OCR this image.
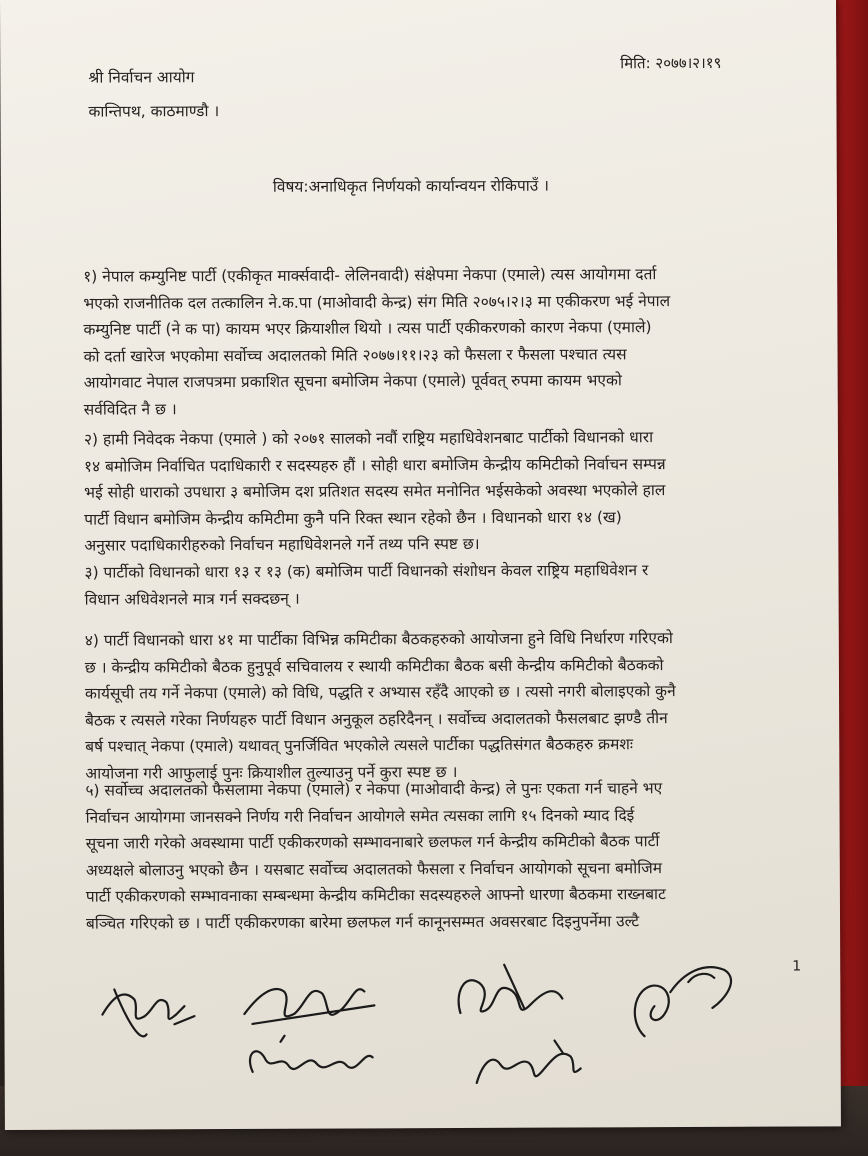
मिति: २०७७।२।१९
श्री निर्वाचन आयोग
कान्तिपथ, काठमाण्डौ ।
विषय:अनाधिकृत निर्णयको कार्यान्वयन रोकिपाउँ ।
१) नेपाल कम्युनिष्ट पार्टी (एकीकृत मार्क्सवादी- लेलिनवादी) संक्षेपमा नेकपा (एमाले) त्यस आयोगमा दर्ता
भएको राजनीतिक दल तत्कालिन ने.क.पा (माओवादी केन्द्र) संग मिति २०७५।२।३ मा एकीकरण भई नेपाल
कम्युनिष्ट पार्टी (ने क पा) कायम भएर क्रियाशील थियो । त्यस पार्टी एकीकरणको कारण नेकपा (एमाले)
को दर्ता खारेज भएकोमा सर्वोच्च अदालतको मिति २०७७।११।२३ को फैसला र फैसला पश्चात त्यस
आयोगवाट नेपाल राजपत्रमा प्रकाशित सूचना बमोजिम नेकपा (एमाले) पूर्ववत् रुपमा कायम भएको
सर्वविदित नै छ ।
२) हामी निवेदक नेकपा (एमाले ) को २०७१ सालको नवौं राष्ट्रिय महाधिवेशनबाट पार्टीको विधानको धारा
१४ बमोजिम निर्वाचित पदाधिकारी र सदस्यहरु हौं । सोही धारा बमोजिम केन्द्रीय कमिटीको निर्वाचन सम्पन्न
भई सोही धाराको उपधारा ३ बमोजिम दश प्रतिशत सदस्य समेत मनोनित भईसकेको अवस्था भएकोले हाल
पार्टी विधान बमोजिम केन्द्रीय कमिटीमा कुनै पनि रिक्त स्थान रहेको छैन । विधानको धारा १४ (ख)
अनुसार पदाधिकारीहरुको निर्वाचन महाधिवेशनले गर्ने तथ्य पनि स्पष्ट छ।
३) पार्टीको विधानको धारा १३ र १३ (क) बमोजिम पार्टी विधानको संशोधन केवल राष्ट्रिय महाधिवेशन र
विधान अधिवेशनले मात्र गर्न सक्दछन् ।
४) पार्टी विधानको धारा ४१ मा पार्टीका विभिन्न कमिटीका बैठकहरुको आयोजना हुने विधि निर्धारण गरिएको
छ । केन्द्रीय कमिटीको बैठक हुनुपूर्व सचिवालय र स्थायी कमिटीका बैठक बसी केन्द्रीय कमिटीको बैठकको
कार्यसूची तय गर्ने नेकपा (एमाले) को विधि, पद्धति र अभ्यास रहँदै आएको छ । त्यसो नगरी बोलाइएको कुनै
बैठक र त्यसले गरेका निर्णयहरु पार्टी विधान अनुकूल ठहरिदैनन् । सर्वोच्च अदालतको फैसलबाट झण्डै तीन
बर्ष पश्चात् नेकपा (एमाले) यथावत् पुनर्जिवित भएकोले त्यसले पार्टीका पद्धतिसंगत बैठकहरु क्रमशः
आयोजना गरी आफुलाई पुनः क्रियाशील तुल्याउनु पर्ने कुरा स्पष्ट छ ।
५) सर्वोच्च अदालतको फैसलामा नेकपा (एमाले) र नेकपा (माओवादी केन्द्र) ले पुनः एकता गर्न चाहने भए
निर्वाचन आयोगमा जानसक्ने निर्णय गरी निर्वाचन आयोगले समेत त्यसका लागि १५ दिनको म्याद दिई
सूचना जारी गरेको अवस्थामा पार्टी एकीकरणको सम्भावनाबारे छलफल गर्न केन्द्रीय कमिटीको बैठक पार्टी
अध्यक्षले बोलाउनु भएको छैन । यसबाट सर्वोच्च अदालतको फैसला र निर्वाचन आयोगको सूचना बमोजिम
पार्टी एकीकरणको सम्भावनाका सम्बन्धमा केन्द्रीय कमिटीका सदस्यहरुले आफ्नो धारणा बैठकमा राख्नबाट
बञ्चित गरिएको छ । पार्टी एकीकरणका बारेमा छलफल गर्न कानूनसम्मत अवसरबाट दिइनुपर्नेमा उल्टै
1
